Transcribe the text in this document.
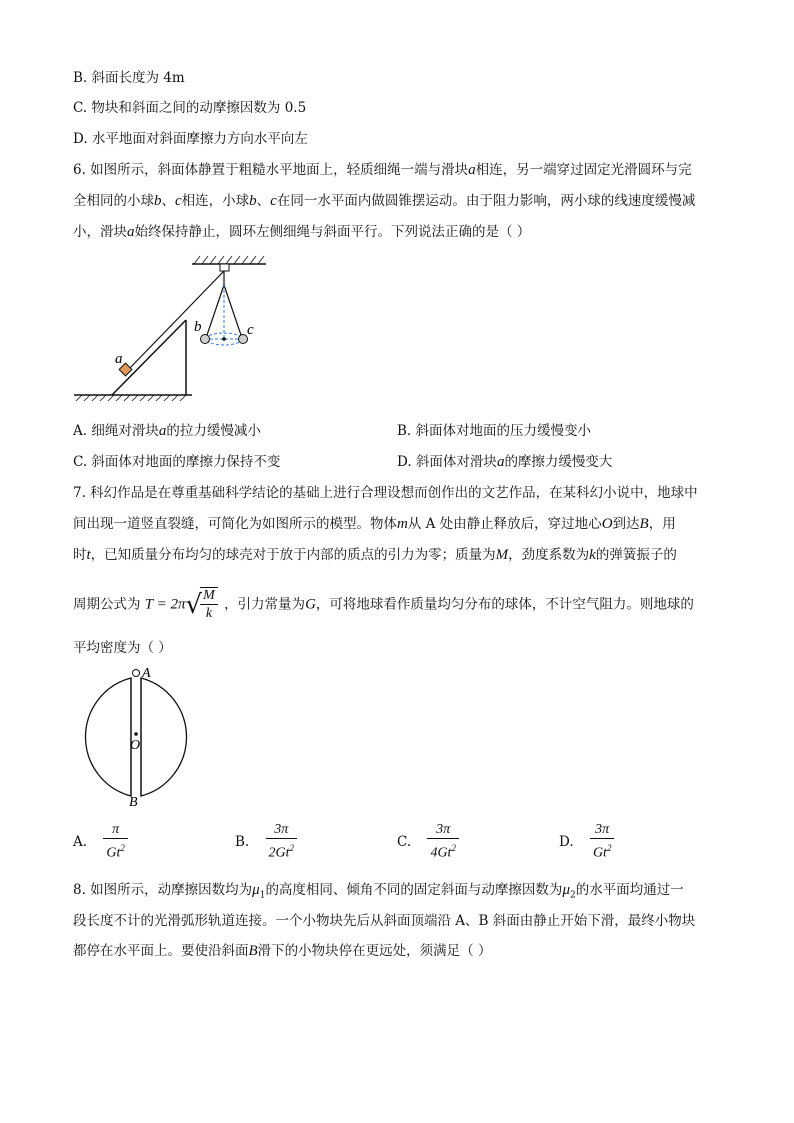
B. 斜面长度为 4m
C. 物块和斜面之间的动摩擦因数为 0.5
D. 水平地面对斜面摩擦力方向水平向左
6. 如图所示，斜面体静置于粗糙水平地面上，轻质细绳一端与滑块a相连，另一端穿过固定光滑圆环与完
全相同的小球b、c相连，小球b、c在同一水平面内做圆锥摆运动。由于阻力影响，两小球的线速度缓慢减
小，滑块a始终保持静止，圆环左侧细绳与斜面平行。下列说法正确的是（ ）
a
b	c
A. 细绳对滑块a的拉力缓慢减小	B. 斜面体对地面的压力缓慢变小
C. 斜面体对地面的摩擦力保持不变	D. 斜面体对滑块a的摩擦力缓慢变大
7. 科幻作品是在尊重基础科学结论的基础上进行合理设想而创作出的文艺作品，在某科幻小说中，地球中
间出现一道竖直裂缝，可简化为如图所示的模型。物体m从 A 处由静止释放后，穿过地心O到达B，用
时t，已知质量分布均匀的球壳对于放于内部的质点的引力为零；质量为M，劲度系数为k的弹簧振子的
周期公式为 T = 2π√
$\frac{M}{k}$ ，引力常量为G，可将地球看作质量均匀分布的球体，不计空气阻力。则地球的
平均密度为（ ）
A
O
B
A. $\frac{\pi}{Gt^2}$	B. $\frac{3\pi}{2Gt^2}$	C. $\frac{3\pi}{4Gt^2}$	D. $\frac{3\pi}{Gt^2}$
8. 如图所示，动摩擦因数均为$\mu_1$的高度相同、倾角不同的固定斜面与动摩擦因数为$\mu_2$的水平面均通过一
段长度不计的光滑弧形轨道连接。一个小物块先后从斜面顶端沿 A、B 斜面由静止开始下滑，最终小物块
都停在水平面上。要使沿斜面B滑下的小物块停在更远处，须满足（ ）
